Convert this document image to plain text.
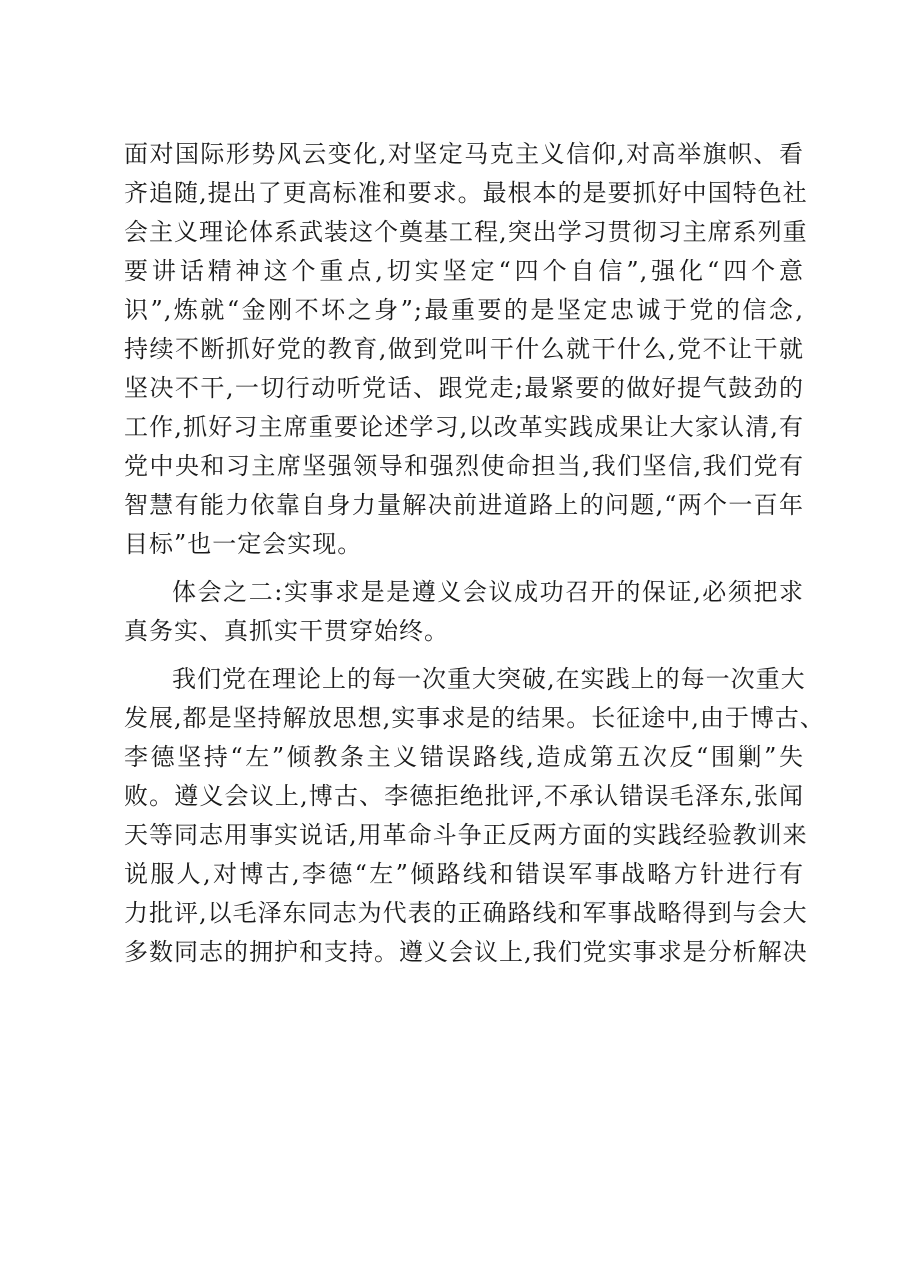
面对国际形势风云变化,对坚定马克主义信仰,对高举旗帜、看
齐追随,提出了更高标准和要求。最根本的是要抓好中国特色社
会主义理论体系武装这个奠基工程,突出学习贯彻习主席系列重
要讲话精神这个重点,切实坚定“四个自信”,强化“四个意
识”,炼就“金刚不坏之身”;最重要的是坚定忠诚于党的信念,
持续不断抓好党的教育,做到党叫干什么就干什么,党不让干就
坚决不干,一切行动听党话、跟党走;最紧要的做好提气鼓劲的
工作,抓好习主席重要论述学习,以改革实践成果让大家认清,有
党中央和习主席坚强领导和强烈使命担当,我们坚信,我们党有
智慧有能力依靠自身力量解决前进道路上的问题,“两个一百年
目标”也一定会实现。
体会之二:实事求是是遵义会议成功召开的保证,必须把求
真务实、真抓实干贯穿始终。
我们党在理论上的每一次重大突破,在实践上的每一次重大
发展,都是坚持解放思想,实事求是的结果。长征途中,由于博古、
李德坚持“左”倾教条主义错误路线,造成第五次反“围剿”失
败。遵义会议上,博古、李德拒绝批评,不承认错误毛泽东,张闻
天等同志用事实说话,用革命斗争正反两方面的实践经验教训来
说服人,对博古,李德“左”倾路线和错误军事战略方针进行有
力批评,以毛泽东同志为代表的正确路线和军事战略得到与会大
多数同志的拥护和支持。遵义会议上,我们党实事求是分析解决
